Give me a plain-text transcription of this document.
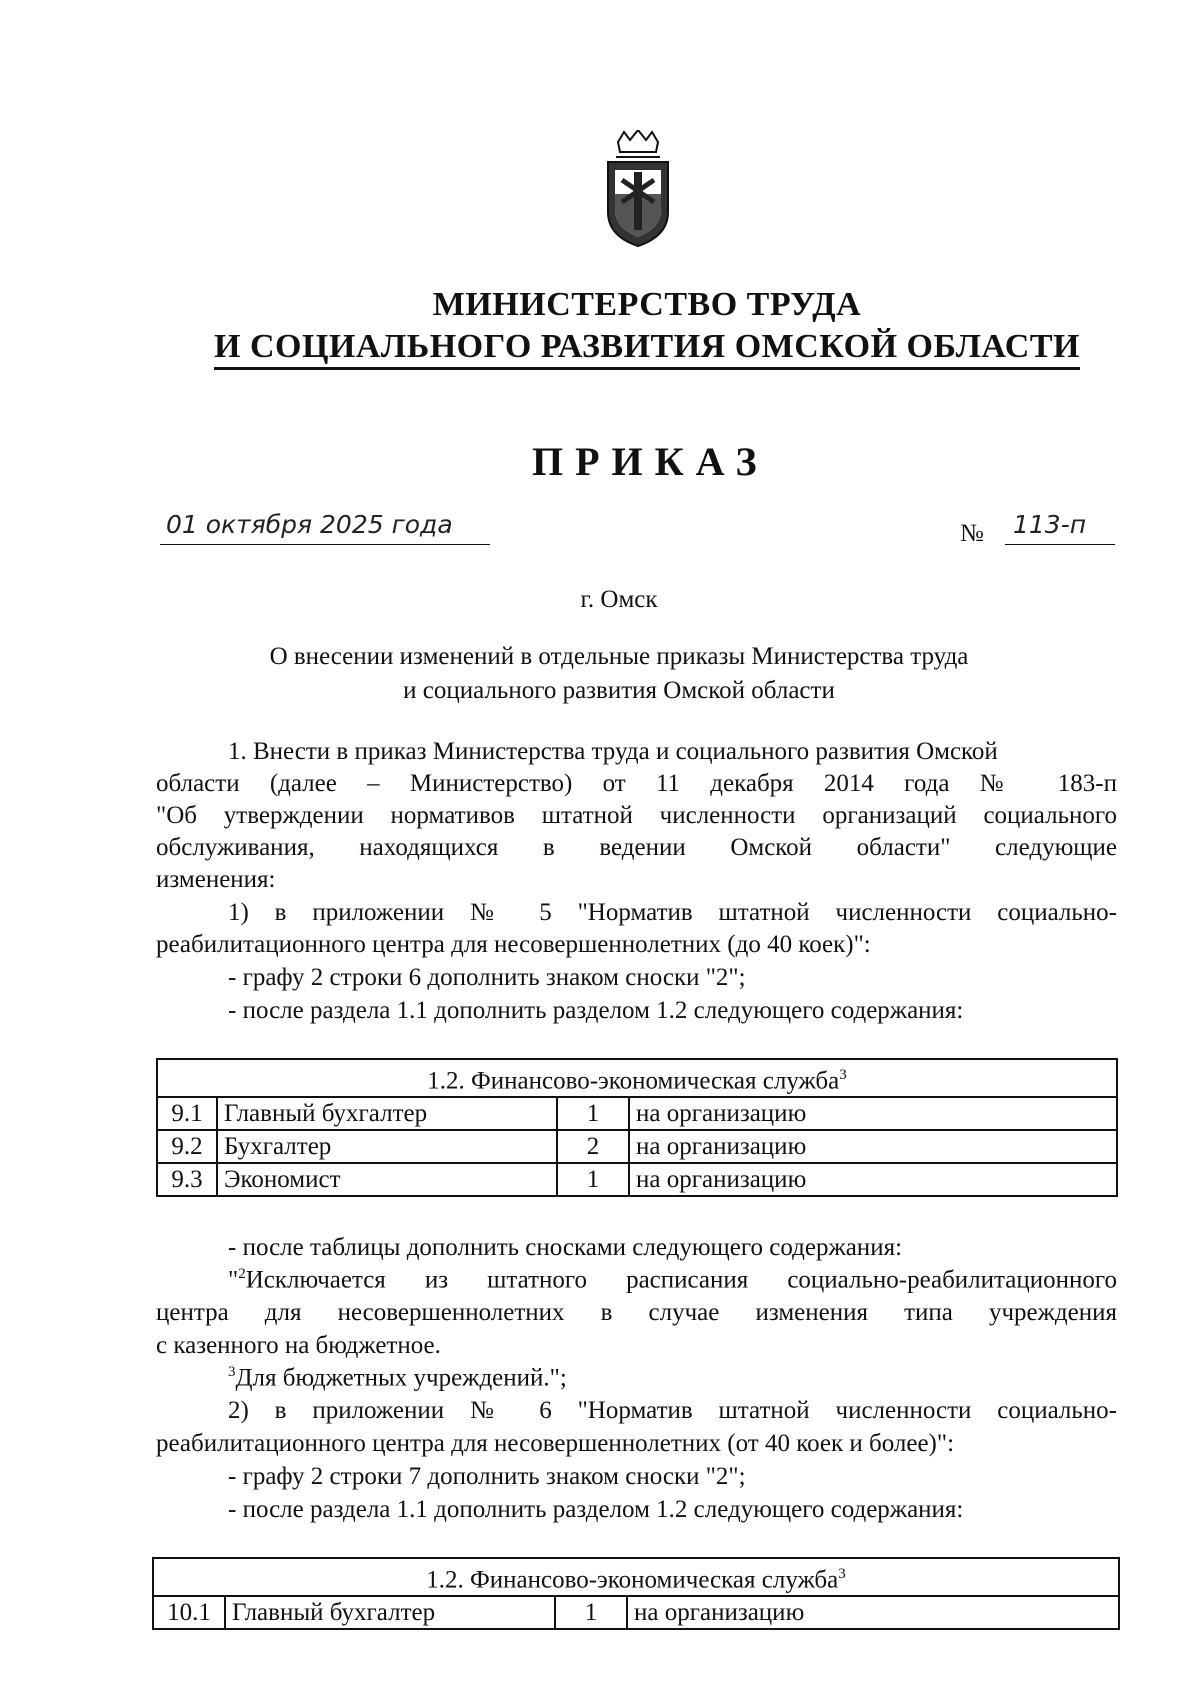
МИНИСТЕРСТВО ТРУДА
И СОЦИАЛЬНОГО РАЗВИТИЯ ОМСКОЙ ОБЛАСТИ
ПРИКАЗ
01 октября 2025 года	№ 113-п
г. Омск
О внесении изменений в отдельные приказы Министерства труда
и социального развития Омской области
1. Внести в приказ Министерства труда и социального развития Омской
области (далее – Министерство) от 11 декабря 2014 года № 183-п
"Об утверждении нормативов штатной численности организаций социального
обслуживания, находящихся в ведении Омской области" следующие
изменения:
1) в приложении № 5 "Норматив штатной численности социально-
реабилитационного центра для несовершеннолетних (до 40 коек)":
- графу 2 строки 6 дополнить знаком сноски "2";
- после раздела 1.1 дополнить разделом 1.2 следующего содержания:
1.2. Финансово-экономическая служба$^3$
9.1	Главный бухгалтер	1	на организацию
9.2	Бухгалтер	2	на организацию
9.3	Экономист	1	на организацию
- после таблицы дополнить сносками следующего содержания:
"$^2$Исключается из штатного расписания социально-реабилитационного
центра для несовершеннолетних в случае изменения типа учреждения
с казенного на бюджетное.
$^3$Для бюджетных учреждений.";
2) в приложении № 6 "Норматив штатной численности социально-
реабилитационного центра для несовершеннолетних (от 40 коек и более)":
- графу 2 строки 7 дополнить знаком сноски "2";
- после раздела 1.1 дополнить разделом 1.2 следующего содержания:
1.2. Финансово-экономическая служба$^3$
10.1	Главный бухгалтер	1	на организацию
